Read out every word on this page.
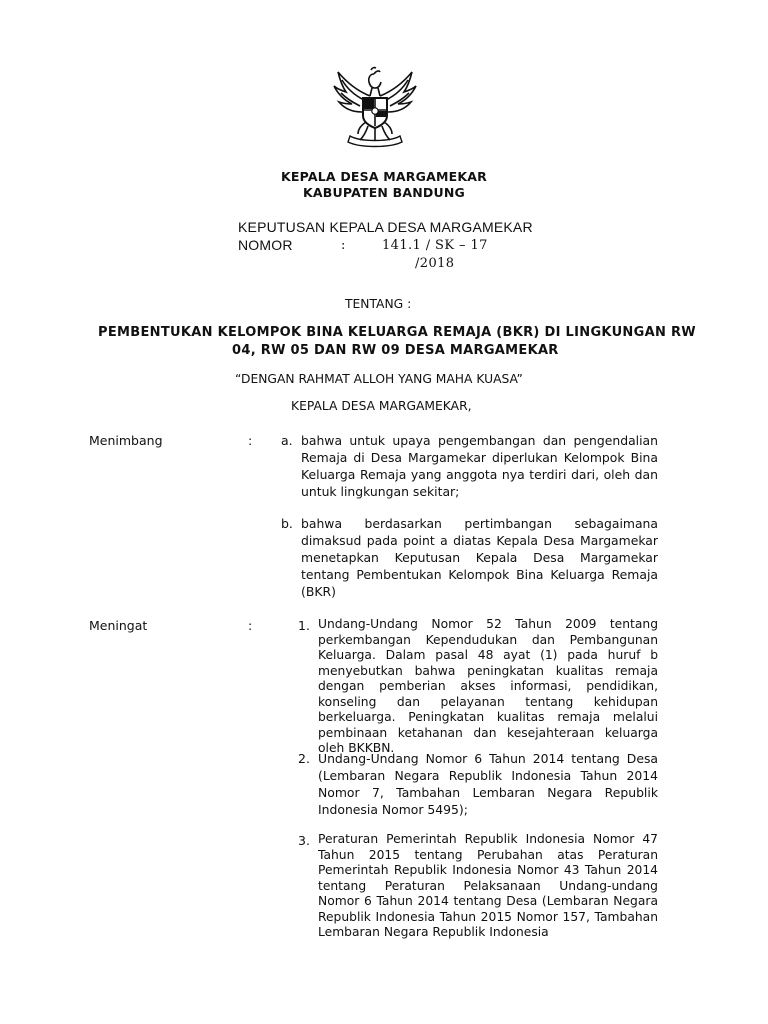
KEPALA DESA MARGAMEKAR
KABUPATEN BANDUNG
KEPUTUSAN KEPALA DESA MARGAMEKAR
NOMOR	:	141.1 / SK – 17
/2018
TENTANG :
PEMBENTUKAN KELOMPOK BINA KELUARGA REMAJA (BKR) DI LINGKUNGAN RW
04, RW 05 DAN RW 09 DESA MARGAMEKAR
“DENGAN RAHMAT ALLOH YANG MAHA KUASA”
KEPALA DESA MARGAMEKAR,
Menimbang	: a. bahwa untuk upaya pengembangan dan pengendalian Remaja di Desa Margamekar diperlukan Kelompok Bina Keluarga Remaja yang anggota nya terdiri dari, oleh dan untuk lingkungan sekitar;
b. bahwa berdasarkan pertimbangan sebagaimana dimaksud pada point a diatas Kepala Desa Margamekar menetapkan Keputusan Kepala Desa Margamekar tentang Pembentukan Kelompok Bina Keluarga Remaja (BKR)
Meningat	:	1. Undang-Undang Nomor 52 Tahun 2009 tentang perkembangan Kependudukan dan Pembangunan Keluarga. Dalam pasal 48 ayat (1) pada huruf b menyebutkan bahwa peningkatan kualitas remaja dengan pemberian akses informasi, pendidikan, konseling dan pelayanan tentang kehidupan berkeluarga. Peningkatan kualitas remaja melalui pembinaan ketahanan dan kesejahteraan keluarga oleh BKKBN.
2. Undang-Undang Nomor 6 Tahun 2014 tentang Desa (Lembaran Negara Republik Indonesia Tahun 2014 Nomor 7, Tambahan Lembaran Negara Republik Indonesia Nomor 5495);
3. Peraturan Pemerintah Republik Indonesia Nomor 47 Tahun 2015 tentang Perubahan atas Peraturan Pemerintah Republik Indonesia Nomor 43 Tahun 2014 tentang Peraturan Pelaksanaan Undang-undang Nomor 6 Tahun 2014 tentang Desa (Lembaran Negara Republik Indonesia Tahun 2015 Nomor 157, Tambahan Lembaran Negara Republik Indonesia
